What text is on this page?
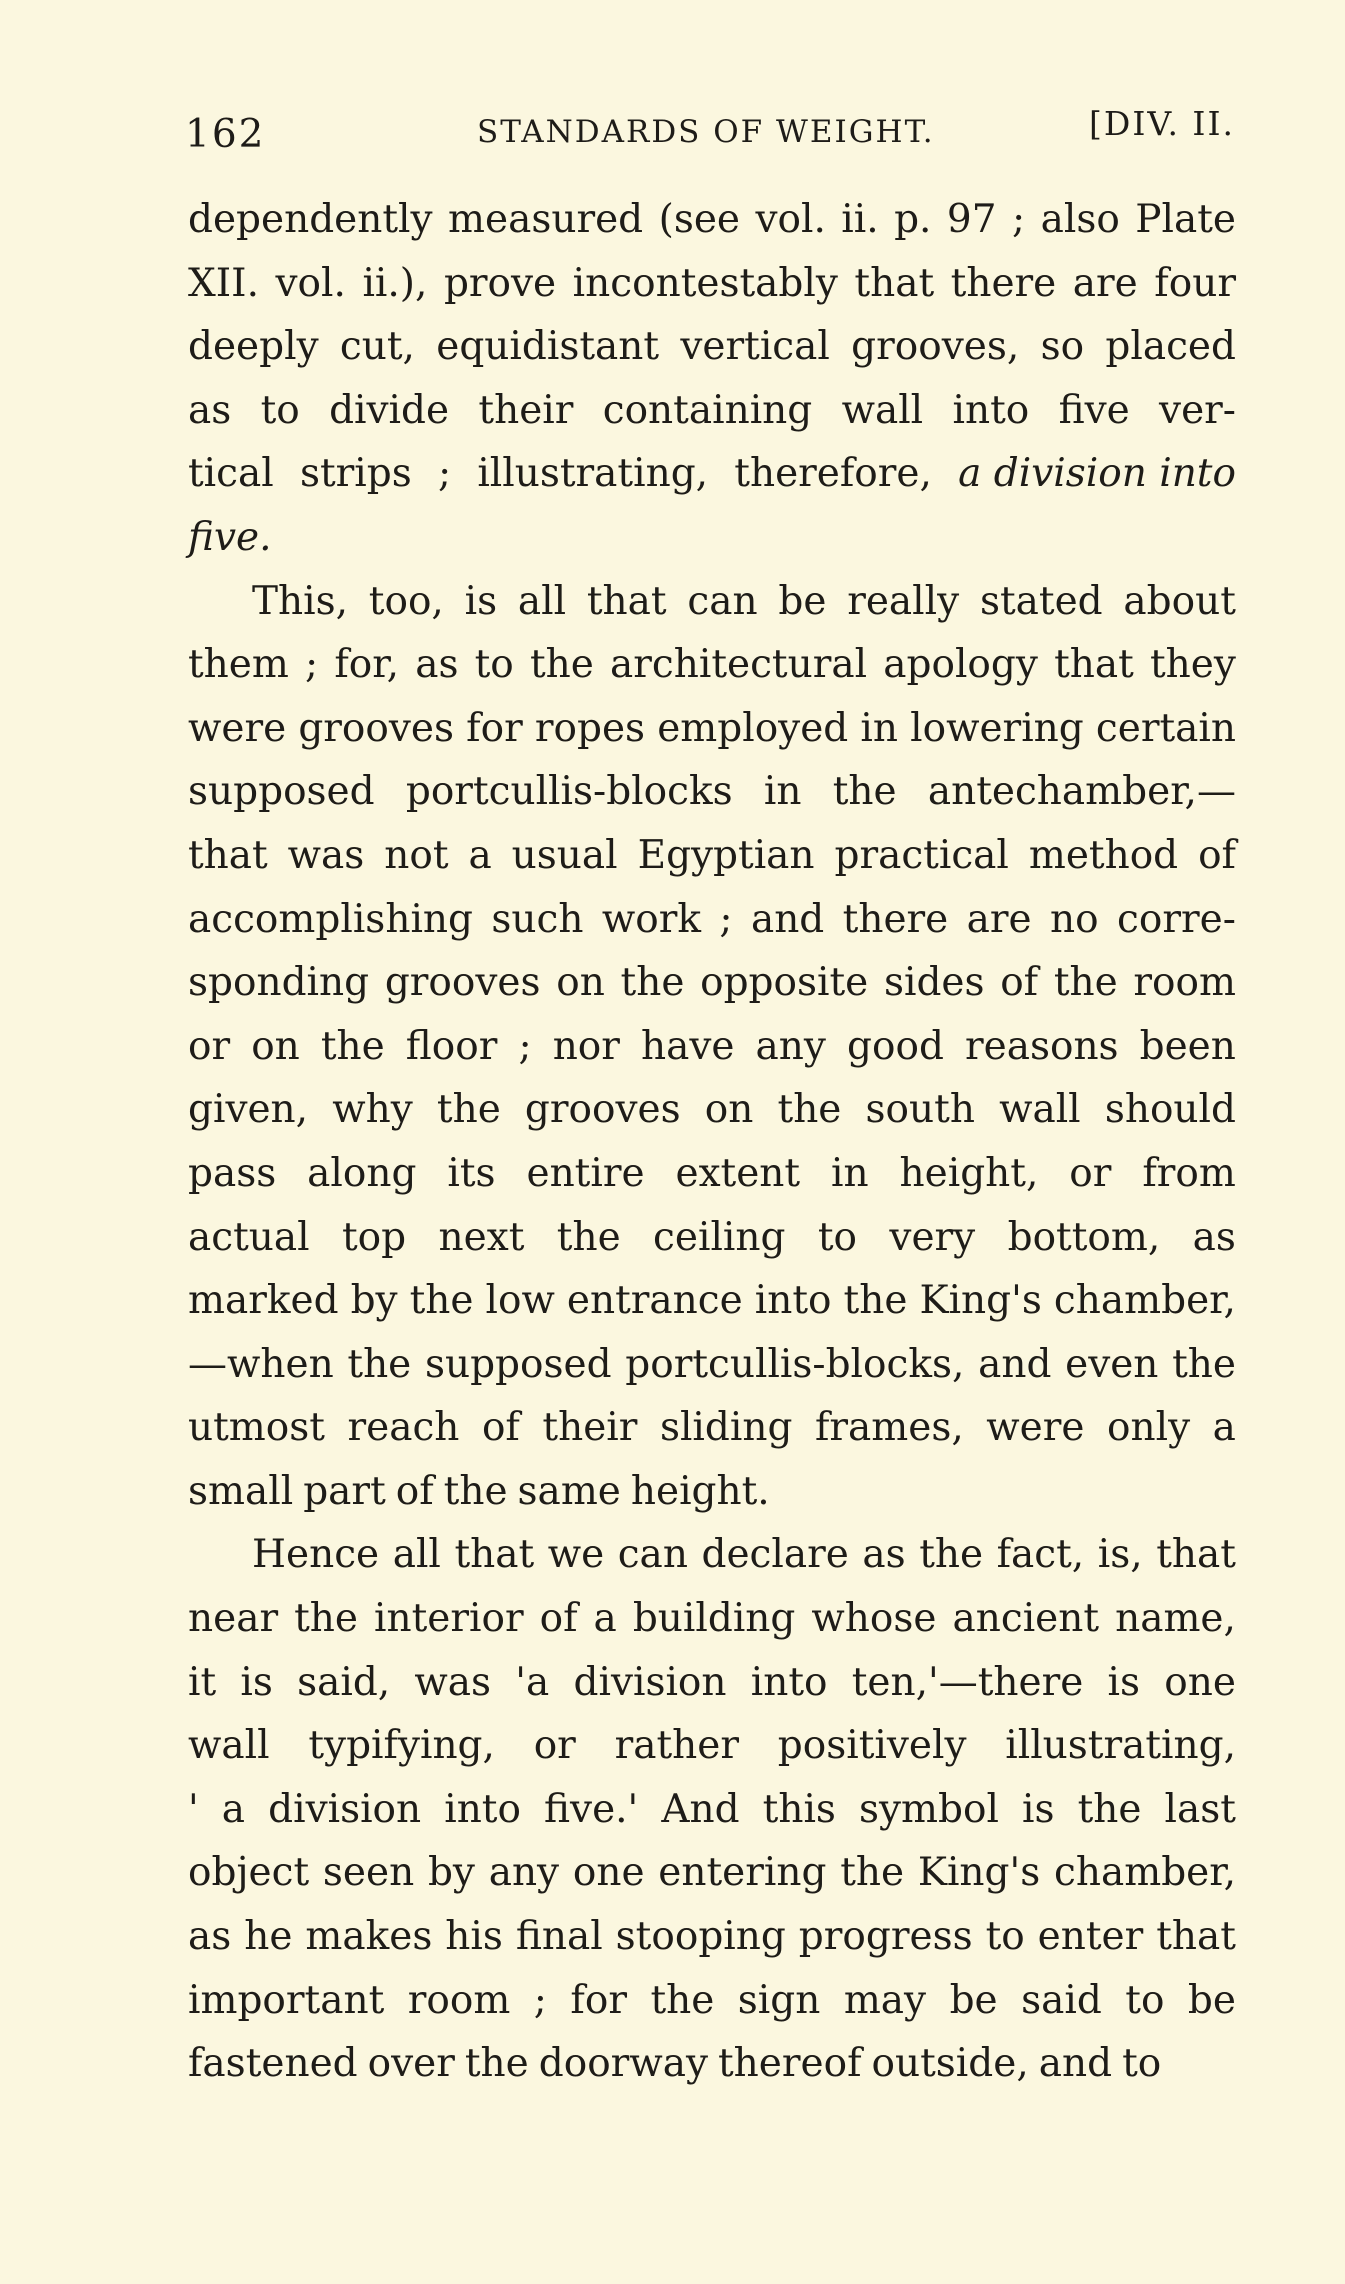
162	STANDARDS OF WEIGHT.	[DIV. II.
dependently measured (see vol. ii. p. 97 ; also Plate
XII. vol. ii.), prove incontestably that there are four
deeply cut, equidistant vertical grooves, so placed
as to divide their containing wall into five ver-
tical strips ; illustrating, therefore, a division into
five.
This, too, is all that can be really stated about
them ; for, as to the architectural apology that they
were grooves for ropes employed in lowering certain
supposed portcullis-blocks in the antechamber,—
that was not a usual Egyptian practical method of
accomplishing such work ; and there are no corre-
sponding grooves on the opposite sides of the room
or on the floor ; nor have any good reasons been
given, why the grooves on the south wall should
pass along its entire extent in height, or from
actual top next the ceiling to very bottom, as
marked by the low entrance into the King's chamber,
—when the supposed portcullis-blocks, and even the
utmost reach of their sliding frames, were only a
small part of the same height.
Hence all that we can declare as the fact, is, that
near the interior of a building whose ancient name,
it is said, was 'a division into ten,'—there is one
wall typifying, or rather positively illustrating,
' a division into five.' And this symbol is the last
object seen by any one entering the King's chamber,
as he makes his final stooping progress to enter that
important room ; for the sign may be said to be
fastened over the doorway thereof outside, and to
